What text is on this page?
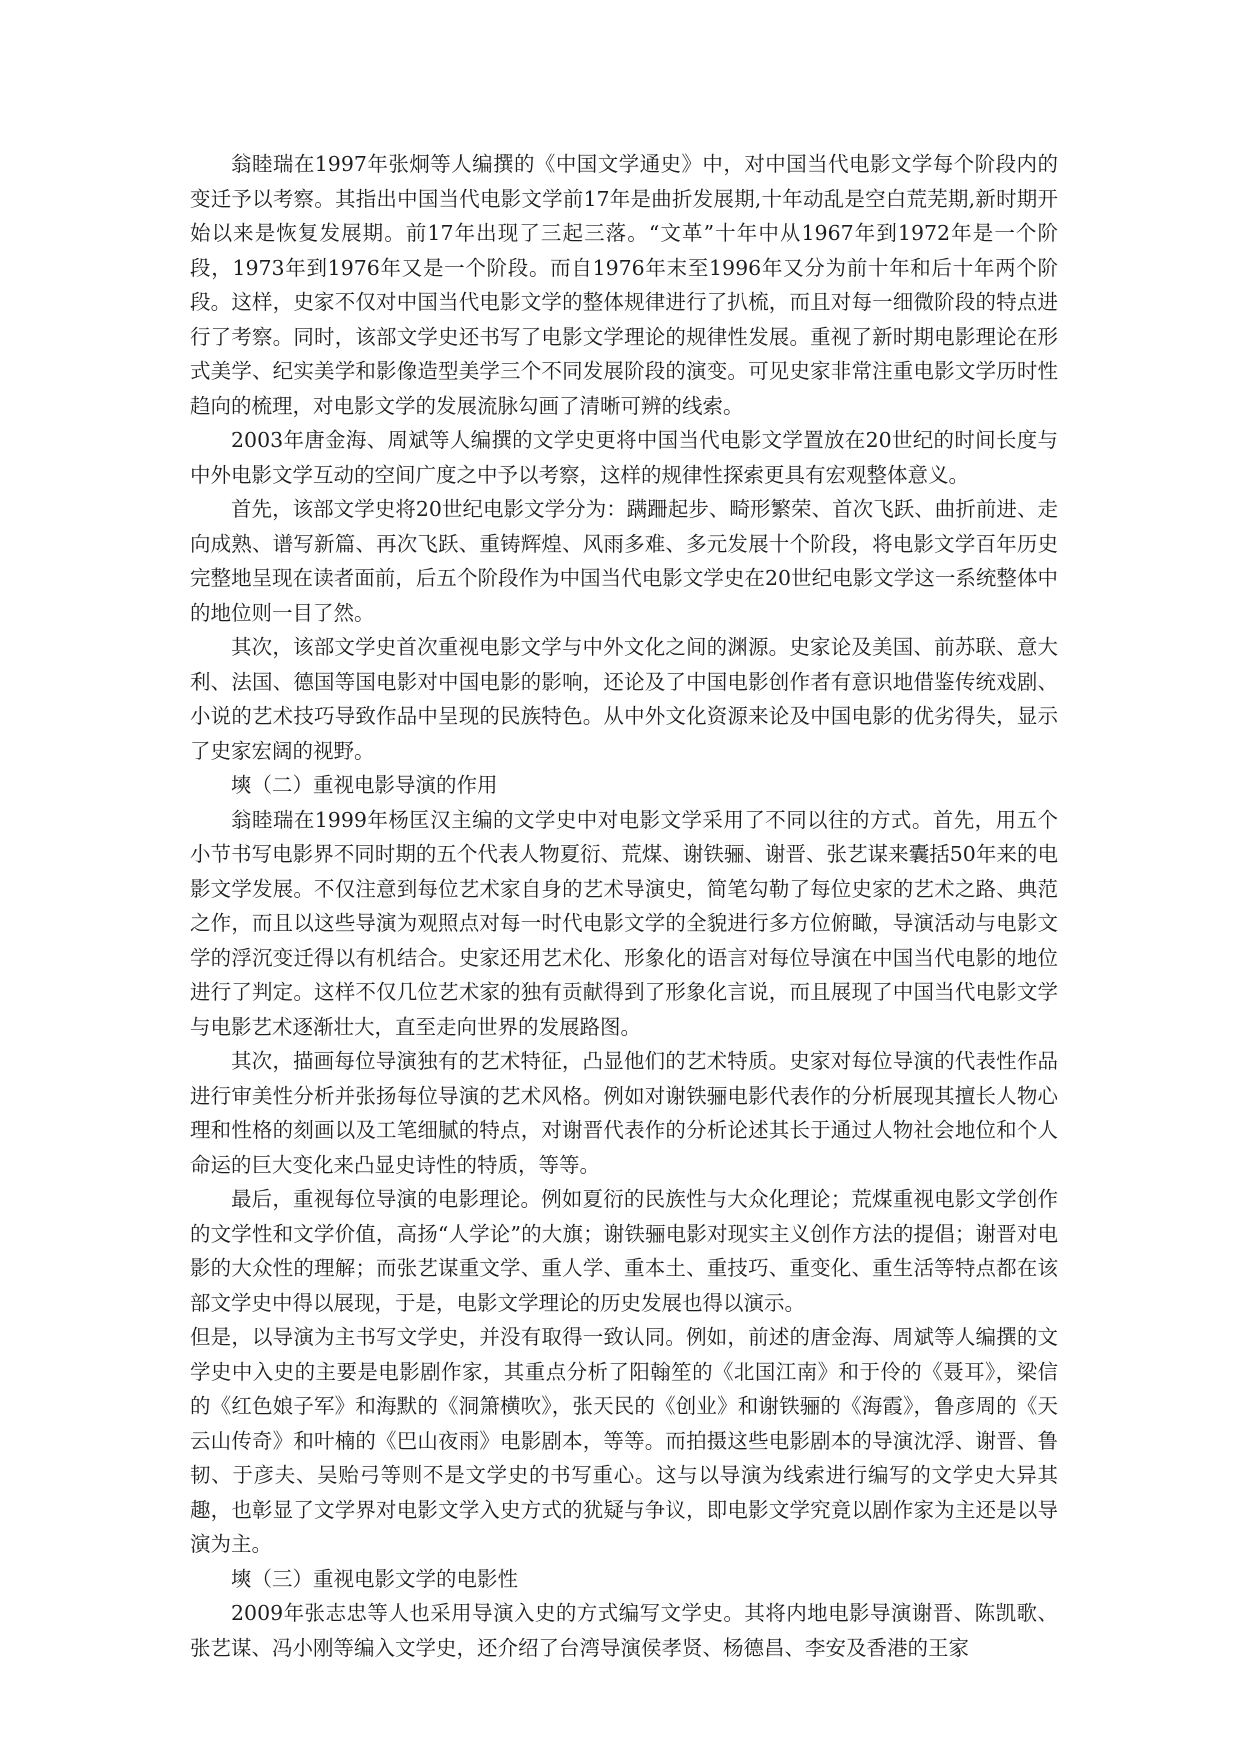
翁睦瑞在1997年张炯等人编撰的《中国文学通史》中，对中国当代电影文学每个阶段内的变迁予以考察。其指出中国当代电影文学前17年是曲折发展期,十年动乱是空白荒芜期,新时期开始以来是恢复发展期。前17年出现了三起三落。“文革”十年中从1967年到1972年是一个阶段，1973年到1976年又是一个阶段。而自1976年末至1996年又分为前十年和后十年两个阶段。这样，史家不仅对中国当代电影文学的整体规律进行了扒梳，而且对每一细微阶段的特点进行了考察。同时，该部文学史还书写了电影文学理论的规律性发展。重视了新时期电影理论在形式美学、纪实美学和影像造型美学三个不同发展阶段的演变。可见史家非常注重电影文学历时性趋向的梳理，对电影文学的发展流脉勾画了清晰可辨的线索。

2003年唐金海、周斌等人编撰的文学史更将中国当代电影文学置放在20世纪的时间长度与中外电影文学互动的空间广度之中予以考察，这样的规律性探索更具有宏观整体意义。

首先，该部文学史将20世纪电影文学分为：蹒跚起步、畸形繁荣、首次飞跃、曲折前进、走向成熟、谱写新篇、再次飞跃、重铸辉煌、风雨多难、多元发展十个阶段，将电影文学百年历史完整地呈现在读者面前，后五个阶段作为中国当代电影文学史在20世纪电影文学这一系统整体中的地位则一目了然。

其次，该部文学史首次重视电影文学与中外文化之间的渊源。史家论及美国、前苏联、意大利、法国、德国等国电影对中国电影的影响，还论及了中国电影创作者有意识地借鉴传统戏剧、小说的艺术技巧导致作品中呈现的民族特色。从中外文化资源来论及中国电影的优劣得失，显示了史家宏阔的视野。

塽（二）重视电影导演的作用

翁睦瑞在1999年杨匡汉主编的文学史中对电影文学采用了不同以往的方式。首先，用五个小节书写电影界不同时期的五个代表人物夏衍、荒煤、谢铁骊、谢晋、张艺谋来囊括50年来的电影文学发展。不仅注意到每位艺术家自身的艺术导演史，简笔勾勒了每位史家的艺术之路、典范之作，而且以这些导演为观照点对每一时代电影文学的全貌进行多方位俯瞰，导演活动与电影文学的浮沉变迁得以有机结合。史家还用艺术化、形象化的语言对每位导演在中国当代电影的地位进行了判定。这样不仅几位艺术家的独有贡献得到了形象化言说，而且展现了中国当代电影文学与电影艺术逐渐壮大，直至走向世界的发展路图。

其次，描画每位导演独有的艺术特征，凸显他们的艺术特质。史家对每位导演的代表性作品进行审美性分析并张扬每位导演的艺术风格。例如对谢铁骊电影代表作的分析展现其擅长人物心理和性格的刻画以及工笔细腻的特点，对谢晋代表作的分析论述其长于通过人物社会地位和个人命运的巨大变化来凸显史诗性的特质，等等。

最后，重视每位导演的电影理论。例如夏衍的民族性与大众化理论；荒煤重视电影文学创作的文学性和文学价值，高扬“人学论”的大旗；谢铁骊电影对现实主义创作方法的提倡；谢晋对电影的大众性的理解；而张艺谋重文学、重人学、重本土、重技巧、重变化、重生活等特点都在该部文学史中得以展现，于是，电影文学理论的历史发展也得以演示。

但是，以导演为主书写文学史，并没有取得一致认同。例如，前述的唐金海、周斌等人编撰的文学史中入史的主要是电影剧作家，其重点分析了阳翰笙的《北国江南》和于伶的《聂耳》，梁信的《红色娘子军》和海默的《洞箫横吹》，张天民的《创业》和谢铁骊的《海霞》，鲁彦周的《天云山传奇》和叶楠的《巴山夜雨》电影剧本，等等。而拍摄这些电影剧本的导演沈浮、谢晋、鲁韧、于彦夫、吴贻弓等则不是文学史的书写重心。这与以导演为线索进行编写的文学史大异其趣，也彰显了文学界对电影文学入史方式的犹疑与争议，即电影文学究竟以剧作家为主还是以导演为主。

塽（三）重视电影文学的电影性

2009年张志忠等人也采用导演入史的方式编写文学史。其将内地电影导演谢晋、陈凯歌、张艺谋、冯小刚等编入文学史，还介绍了台湾导演侯孝贤、杨德昌、李安及香港的王家
